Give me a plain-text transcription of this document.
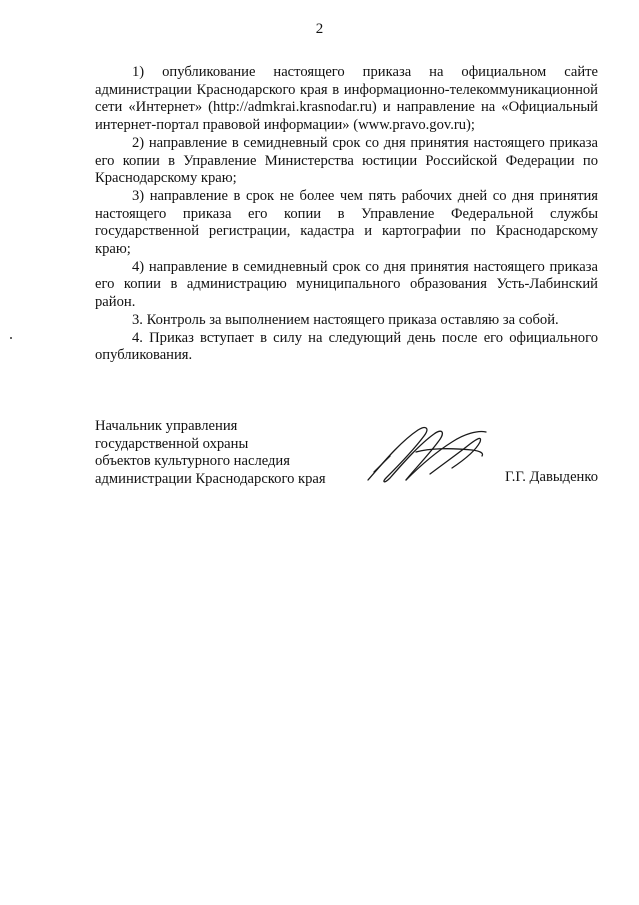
2

1) опубликование настоящего приказа на официальном сайте администрации Краснодарского края в информационно-телекоммуникационной сети «Интернет» (http://admkrai.krasnodar.ru) и направление на «Официальный интернет-портал правовой информации» (www.pravo.gov.ru);

2) направление в семидневный срок со дня принятия настоящего приказа его копии в Управление Министерства юстиции Российской Федерации по Краснодарскому краю;

3) направление в срок не более чем пять рабочих дней со дня принятия настоящего приказа его копии в Управление Федеральной службы государственной регистрации, кадастра и картографии по Краснодарскому краю;

4) направление в семидневный срок со дня принятия настоящего приказа его копии в администрацию муниципального образования Усть-Лабинский район.

3. Контроль за выполнением настоящего приказа оставляю за собой.

4. Приказ вступает в силу на следующий день после его официального опубликования.

Начальник управления
государственной охраны
объектов культурного наследия
администрации Краснодарского края	Г.Г. Давыденко
